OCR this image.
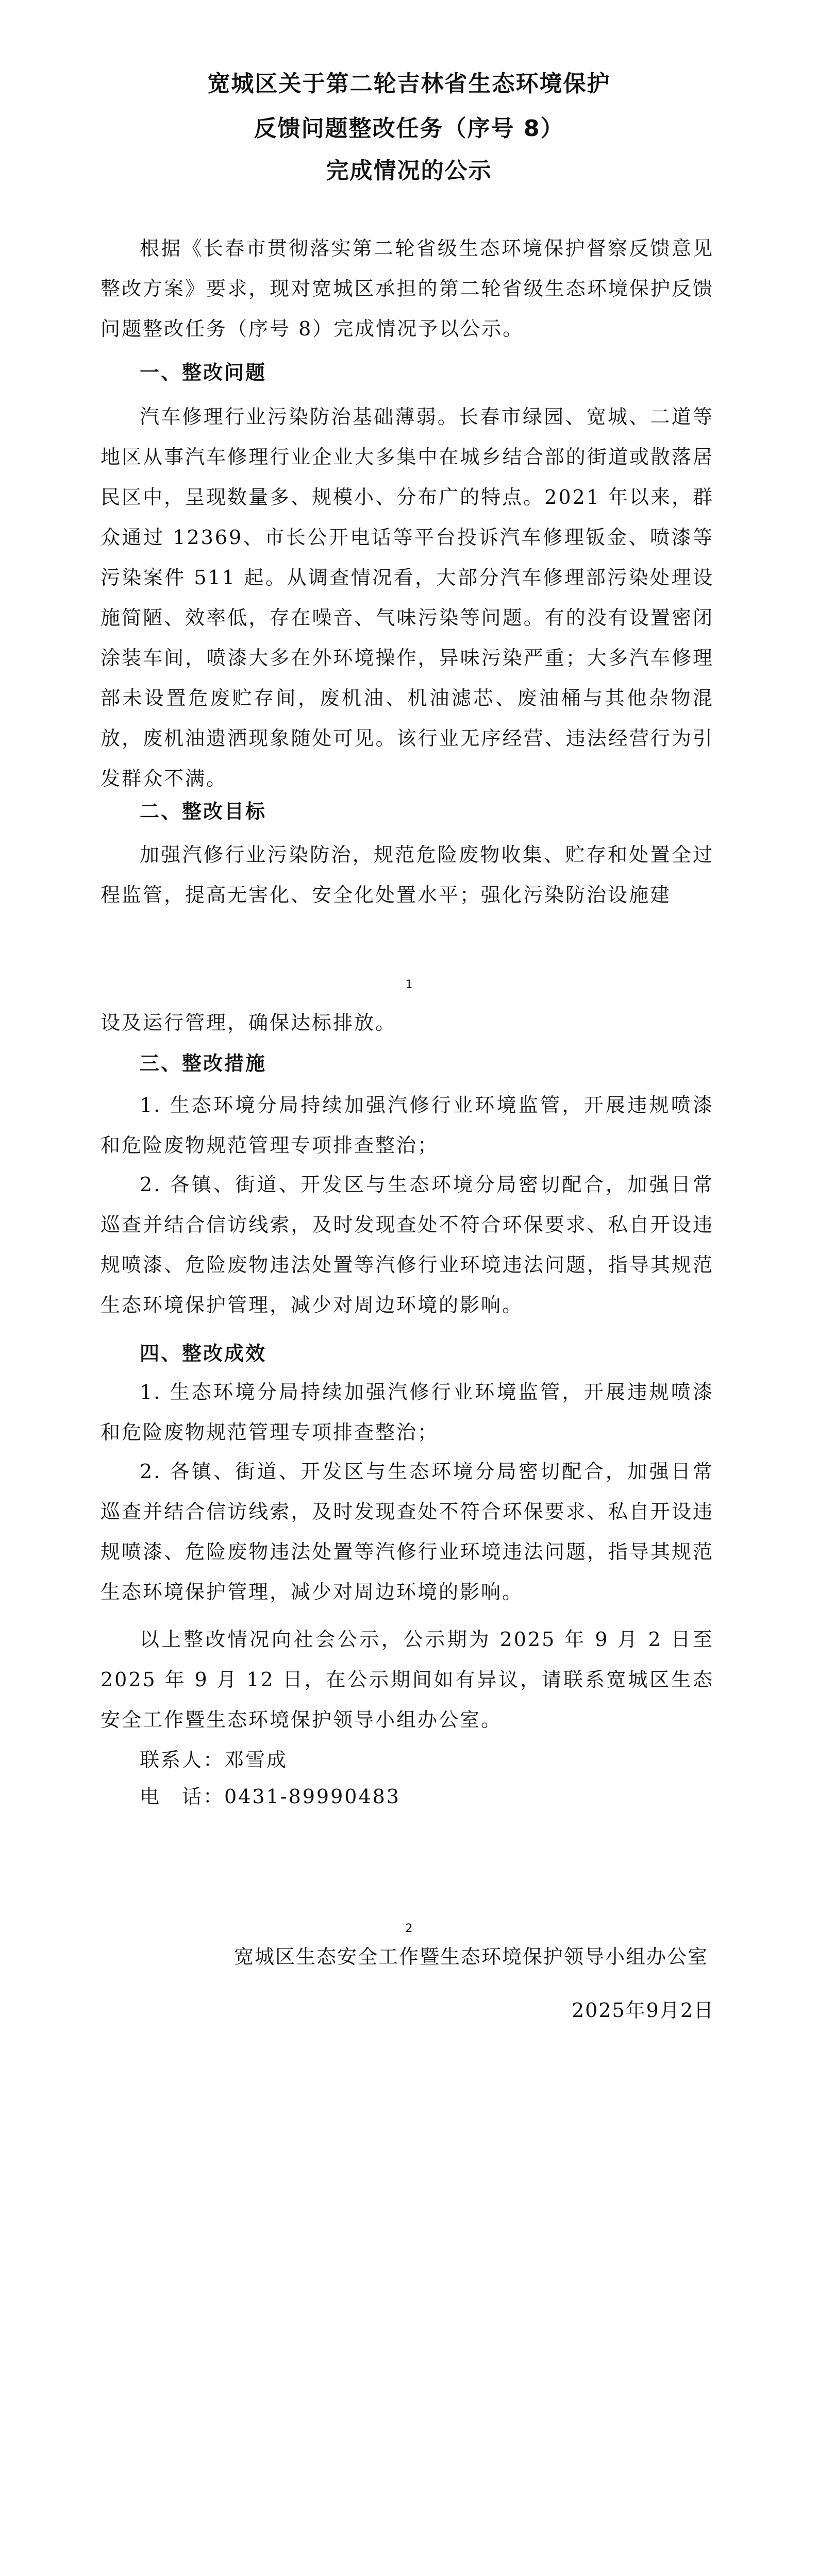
宽城区关于第二轮吉林省生态环境保护
反馈问题整改任务（序号 8）
完成情况的公示

根据《长春市贯彻落实第二轮省级生态环境保护督察反馈意见整改方案》要求，现对宽城区承担的第二轮省级生态环境保护反馈问题整改任务（序号 8）完成情况予以公示。

一、整改问题

汽车修理行业污染防治基础薄弱。长春市绿园、宽城、二道等地区从事汽车修理行业企业大多集中在城乡结合部的街道或散落居民区中，呈现数量多、规模小、分布广的特点。2021 年以来，群众通过 12369、市长公开电话等平台投诉汽车修理钣金、喷漆等污染案件 511 起。从调查情况看，大部分汽车修理部污染处理设施简陋、效率低，存在噪音、气味污染等问题。有的没有设置密闭涂装车间，喷漆大多在外环境操作，异味污染严重；大多汽车修理部未设置危废贮存间，废机油、机油滤芯、废油桶与其他杂物混放，废机油遗洒现象随处可见。该行业无序经营、违法经营行为引发群众不满。

二、整改目标

加强汽修行业污染防治，规范危险废物收集、贮存和处置全过程监管，提高无害化、安全化处置水平；强化污染防治设施建

1

设及运行管理，确保达标排放。

三、整改措施

1. 生态环境分局持续加强汽修行业环境监管，开展违规喷漆和危险废物规范管理专项排查整治；

2. 各镇、街道、开发区与生态环境分局密切配合，加强日常巡查并结合信访线索，及时发现查处不符合环保要求、私自开设违规喷漆、危险废物违法处置等汽修行业环境违法问题，指导其规范生态环境保护管理，减少对周边环境的影响。

四、整改成效

1. 生态环境分局持续加强汽修行业环境监管，开展违规喷漆和危险废物规范管理专项排查整治；

2. 各镇、街道、开发区与生态环境分局密切配合，加强日常巡查并结合信访线索，及时发现查处不符合环保要求、私自开设违规喷漆、危险废物违法处置等汽修行业环境违法问题，指导其规范生态环境保护管理，减少对周边环境的影响。

以上整改情况向社会公示，公示期为 2025 年 9 月 2 日至 2025 年 9 月 12 日，在公示期间如有异议，请联系宽城区生态安全工作暨生态环境保护领导小组办公室。

联系人：邓雪成
电　话：0431-89990483
2
宽城区生态安全工作暨生态环境保护领导小组办公室
2025年9月2日
